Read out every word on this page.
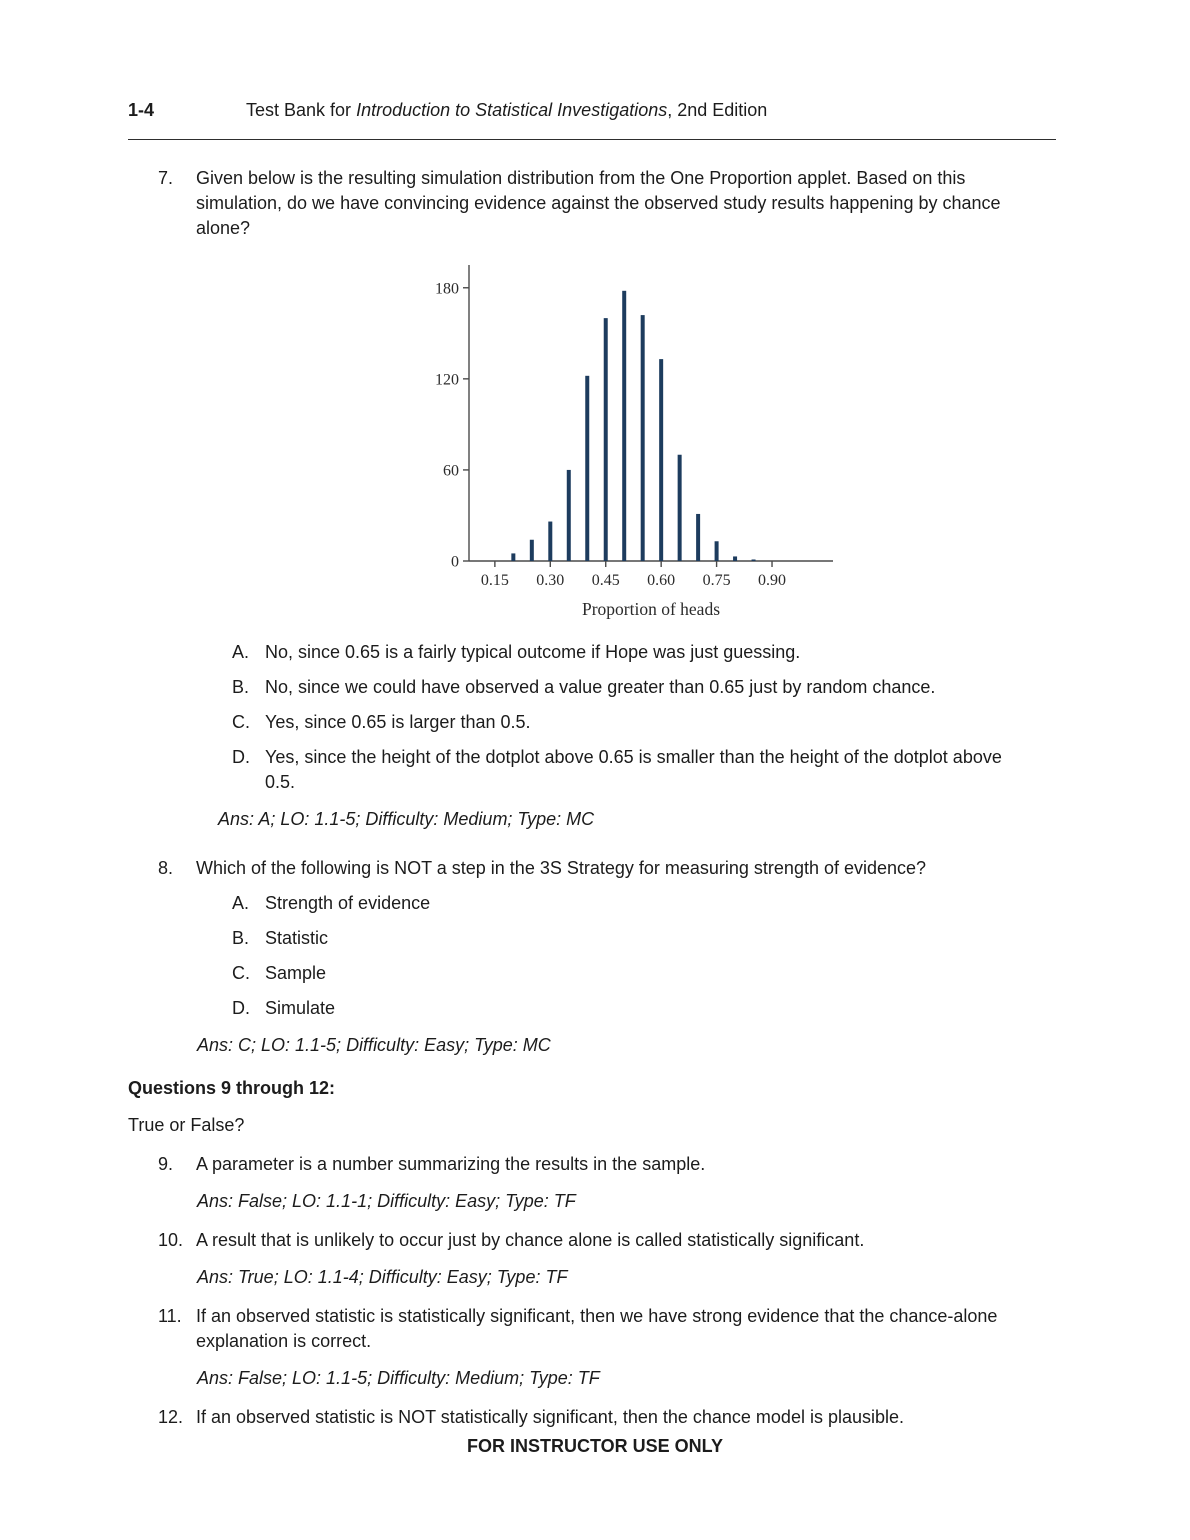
1-4	Test Bank for Introduction to Statistical Investigations, 2nd Edition
7.	Given below is the resulting simulation distribution from the One Proportion applet. Based on this simulation, do we have convincing evidence against the observed study results happening by chance alone?
0
60
120
180
0.15 0.30 0.45 0.60 0.75 0.90
Proportion of heads
A. No, since 0.65 is a fairly typical outcome if Hope was just guessing.
B. No, since we could have observed a value greater than 0.65 just by random chance.
C. Yes, since 0.65 is larger than 0.5.
D. Yes, since the height of the dotplot above 0.65 is smaller than the height of the dotplot above 0.5.
Ans: A; LO: 1.1-5; Difficulty: Medium; Type: MC
8.	Which of the following is NOT a step in the 3S Strategy for measuring strength of evidence?
A. Strength of evidence
B. Statistic
C. Sample
D. Simulate
Ans: C; LO: 1.1-5; Difficulty: Easy; Type: MC
Questions 9 through 12:
True or False?
9.	A parameter is a number summarizing the results in the sample.
Ans: False; LO: 1.1-1; Difficulty: Easy; Type: TF
10. A result that is unlikely to occur just by chance alone is called statistically significant.
Ans: True; LO: 1.1-4; Difficulty: Easy; Type: TF
11. If an observed statistic is statistically significant, then we have strong evidence that the chance-alone explanation is correct.
Ans: False; LO: 1.1-5; Difficulty: Medium; Type: TF
12. If an observed statistic is NOT statistically significant, then the chance model is plausible.
FOR INSTRUCTOR USE ONLY
